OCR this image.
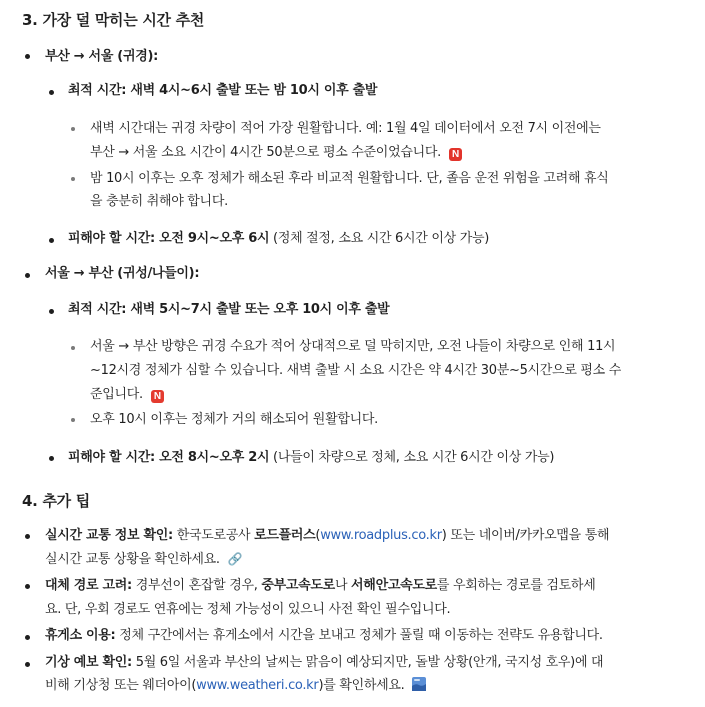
3. 가장 덜 막히는 시간 추천
부산 → 서울 (귀경):
최적 시간: 새벽 4시~6시 출발 또는 밤 10시 이후 출발
새벽 시간대는 귀경 차량이 적어 가장 원활합니다. 예: 1월 4일 데이터에서 오전 7시 이전에는
부산 → 서울 소요 시간이 4시간 50분으로 평소 수준이었습니다. N
밤 10시 이후는 오후 정체가 해소된 후라 비교적 원활합니다. 단, 졸음 운전 위험을 고려해 휴식
을 충분히 취해야 합니다.
피해야 할 시간: 오전 9시~오후 6시 (정체 절정, 소요 시간 6시간 이상 가능)
서울 → 부산 (귀성/나들이):
최적 시간: 새벽 5시~7시 출발 또는 오후 10시 이후 출발
서울 → 부산 방향은 귀경 수요가 적어 상대적으로 덜 막히지만, 오전 나들이 차량으로 인해 11시
~12시경 정체가 심할 수 있습니다. 새벽 출발 시 소요 시간은 약 4시간 30분~5시간으로 평소 수
준입니다. N
오후 10시 이후는 정체가 거의 해소되어 원활합니다.
피해야 할 시간: 오전 8시~오후 2시 (나들이 차량으로 정체, 소요 시간 6시간 이상 가능)
4. 추가 팁
실시간 교통 정보 확인: 한국도로공사 로드플러스(www.roadplus.co.kr) 또는 네이버/카카오맵을 통해
실시간 교통 상황을 확인하세요. 🔗
대체 경로 고려: 경부선이 혼잡할 경우, 중부고속도로나 서해안고속도로를 우회하는 경로를 검토하세
요. 단, 우회 경로도 연휴에는 정체 가능성이 있으니 사전 확인 필수입니다.
휴게소 이용: 정체 구간에서는 휴게소에서 시간을 보내고 정체가 풀릴 때 이동하는 전략도 유용합니다.
기상 예보 확인: 5월 6일 서울과 부산의 날씨는 맑음이 예상되지만, 돌발 상황(안개, 국지성 호우)에 대
비해 기상청 또는 웨더아이(www.weatheri.co.kr)를 확인하세요.
